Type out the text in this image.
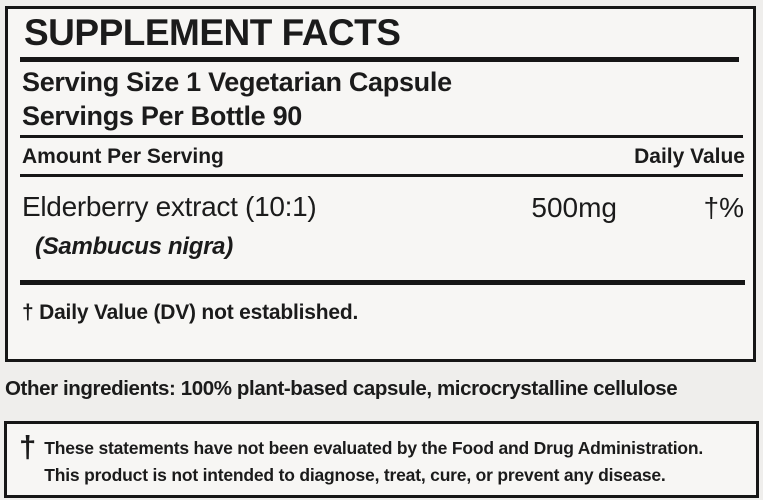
SUPPLEMENT FACTS
Serving Size 1 Vegetarian Capsule
Servings Per Bottle 90
Amount Per Serving	Daily Value
Elderberry extract (10:1)	500mg	†%
(Sambucus nigra)
† Daily Value (DV) not established.
Other ingredients: 100% plant-based capsule, microcrystalline cellulose
† These statements have not been evaluated by the Food and Drug Administration.
This product is not intended to diagnose, treat, cure, or prevent any disease.
